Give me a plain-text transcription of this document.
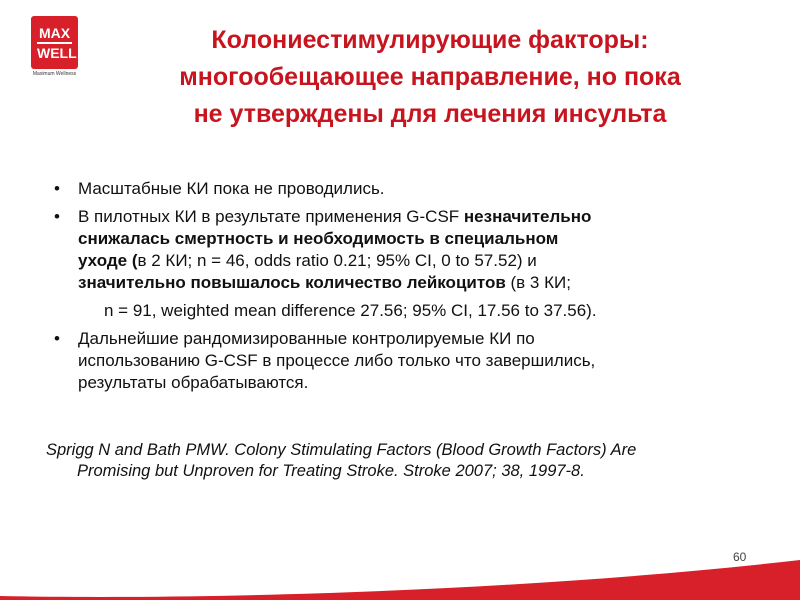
MAX
WELL
Maximum Wellness
Колониестимулирующие факторы:
многообещающее направление, но пока
не утверждены для лечения инсульта
• Масштабные КИ пока не проводились.
• В пилотных КИ в результате применения G-CSF незначительно
снижалась смертность и необходимость в специальном
уходе (в 2 КИ; n = 46, odds ratio 0.21; 95% CI, 0 to 57.52) и
значительно повышалось количество лейкоцитов (в 3 КИ;
n = 91, weighted mean difference 27.56; 95% CI, 17.56 to 37.56).
• Дальнейшие рандомизированные контролируемые КИ по
использованию G-CSF в процессе либо только что завершились,
результаты обрабатываются.
Sprigg N and Bath PMW. Colony Stimulating Factors (Blood Growth Factors) Are
Promising but Unproven for Treating Stroke. Stroke 2007; 38, 1997-8.
60
